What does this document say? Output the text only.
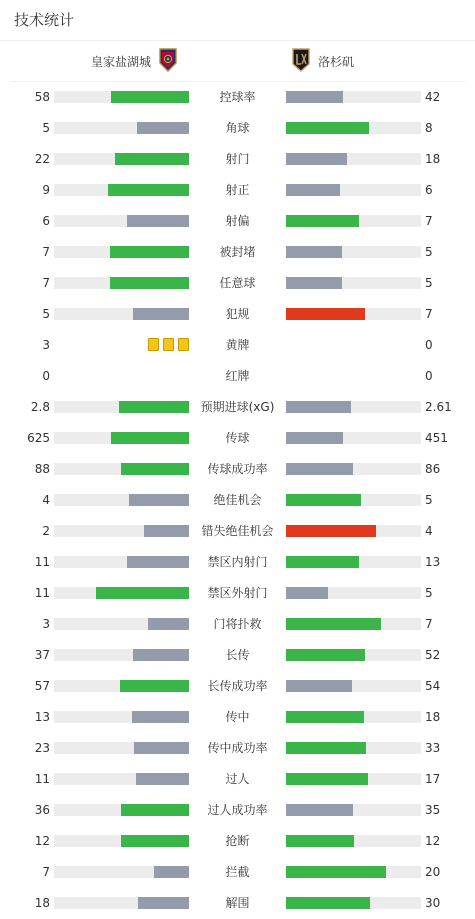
技术统计
皇家盐湖城	洛杉矶
58	控球率	42
5	角球	8
22	射门	18
9	射正	6
6	射偏	7
7	被封堵	5
7	任意球	5
5	犯规	7
3	黄牌	0
0	红牌	0
2.8	预期进球(xG)	2.61
625	传球	451
88	传球成功率	86
4	绝佳机会	5
2	错失绝佳机会	4
11	禁区内射门	13
11	禁区外射门	5
3	门将扑救	7
37	长传	52
57	长传成功率	54
13	传中	18
23	传中成功率	33
11	过人	17
36	过人成功率	35
12	抢断	12
7	拦截	20
18	解围	30
